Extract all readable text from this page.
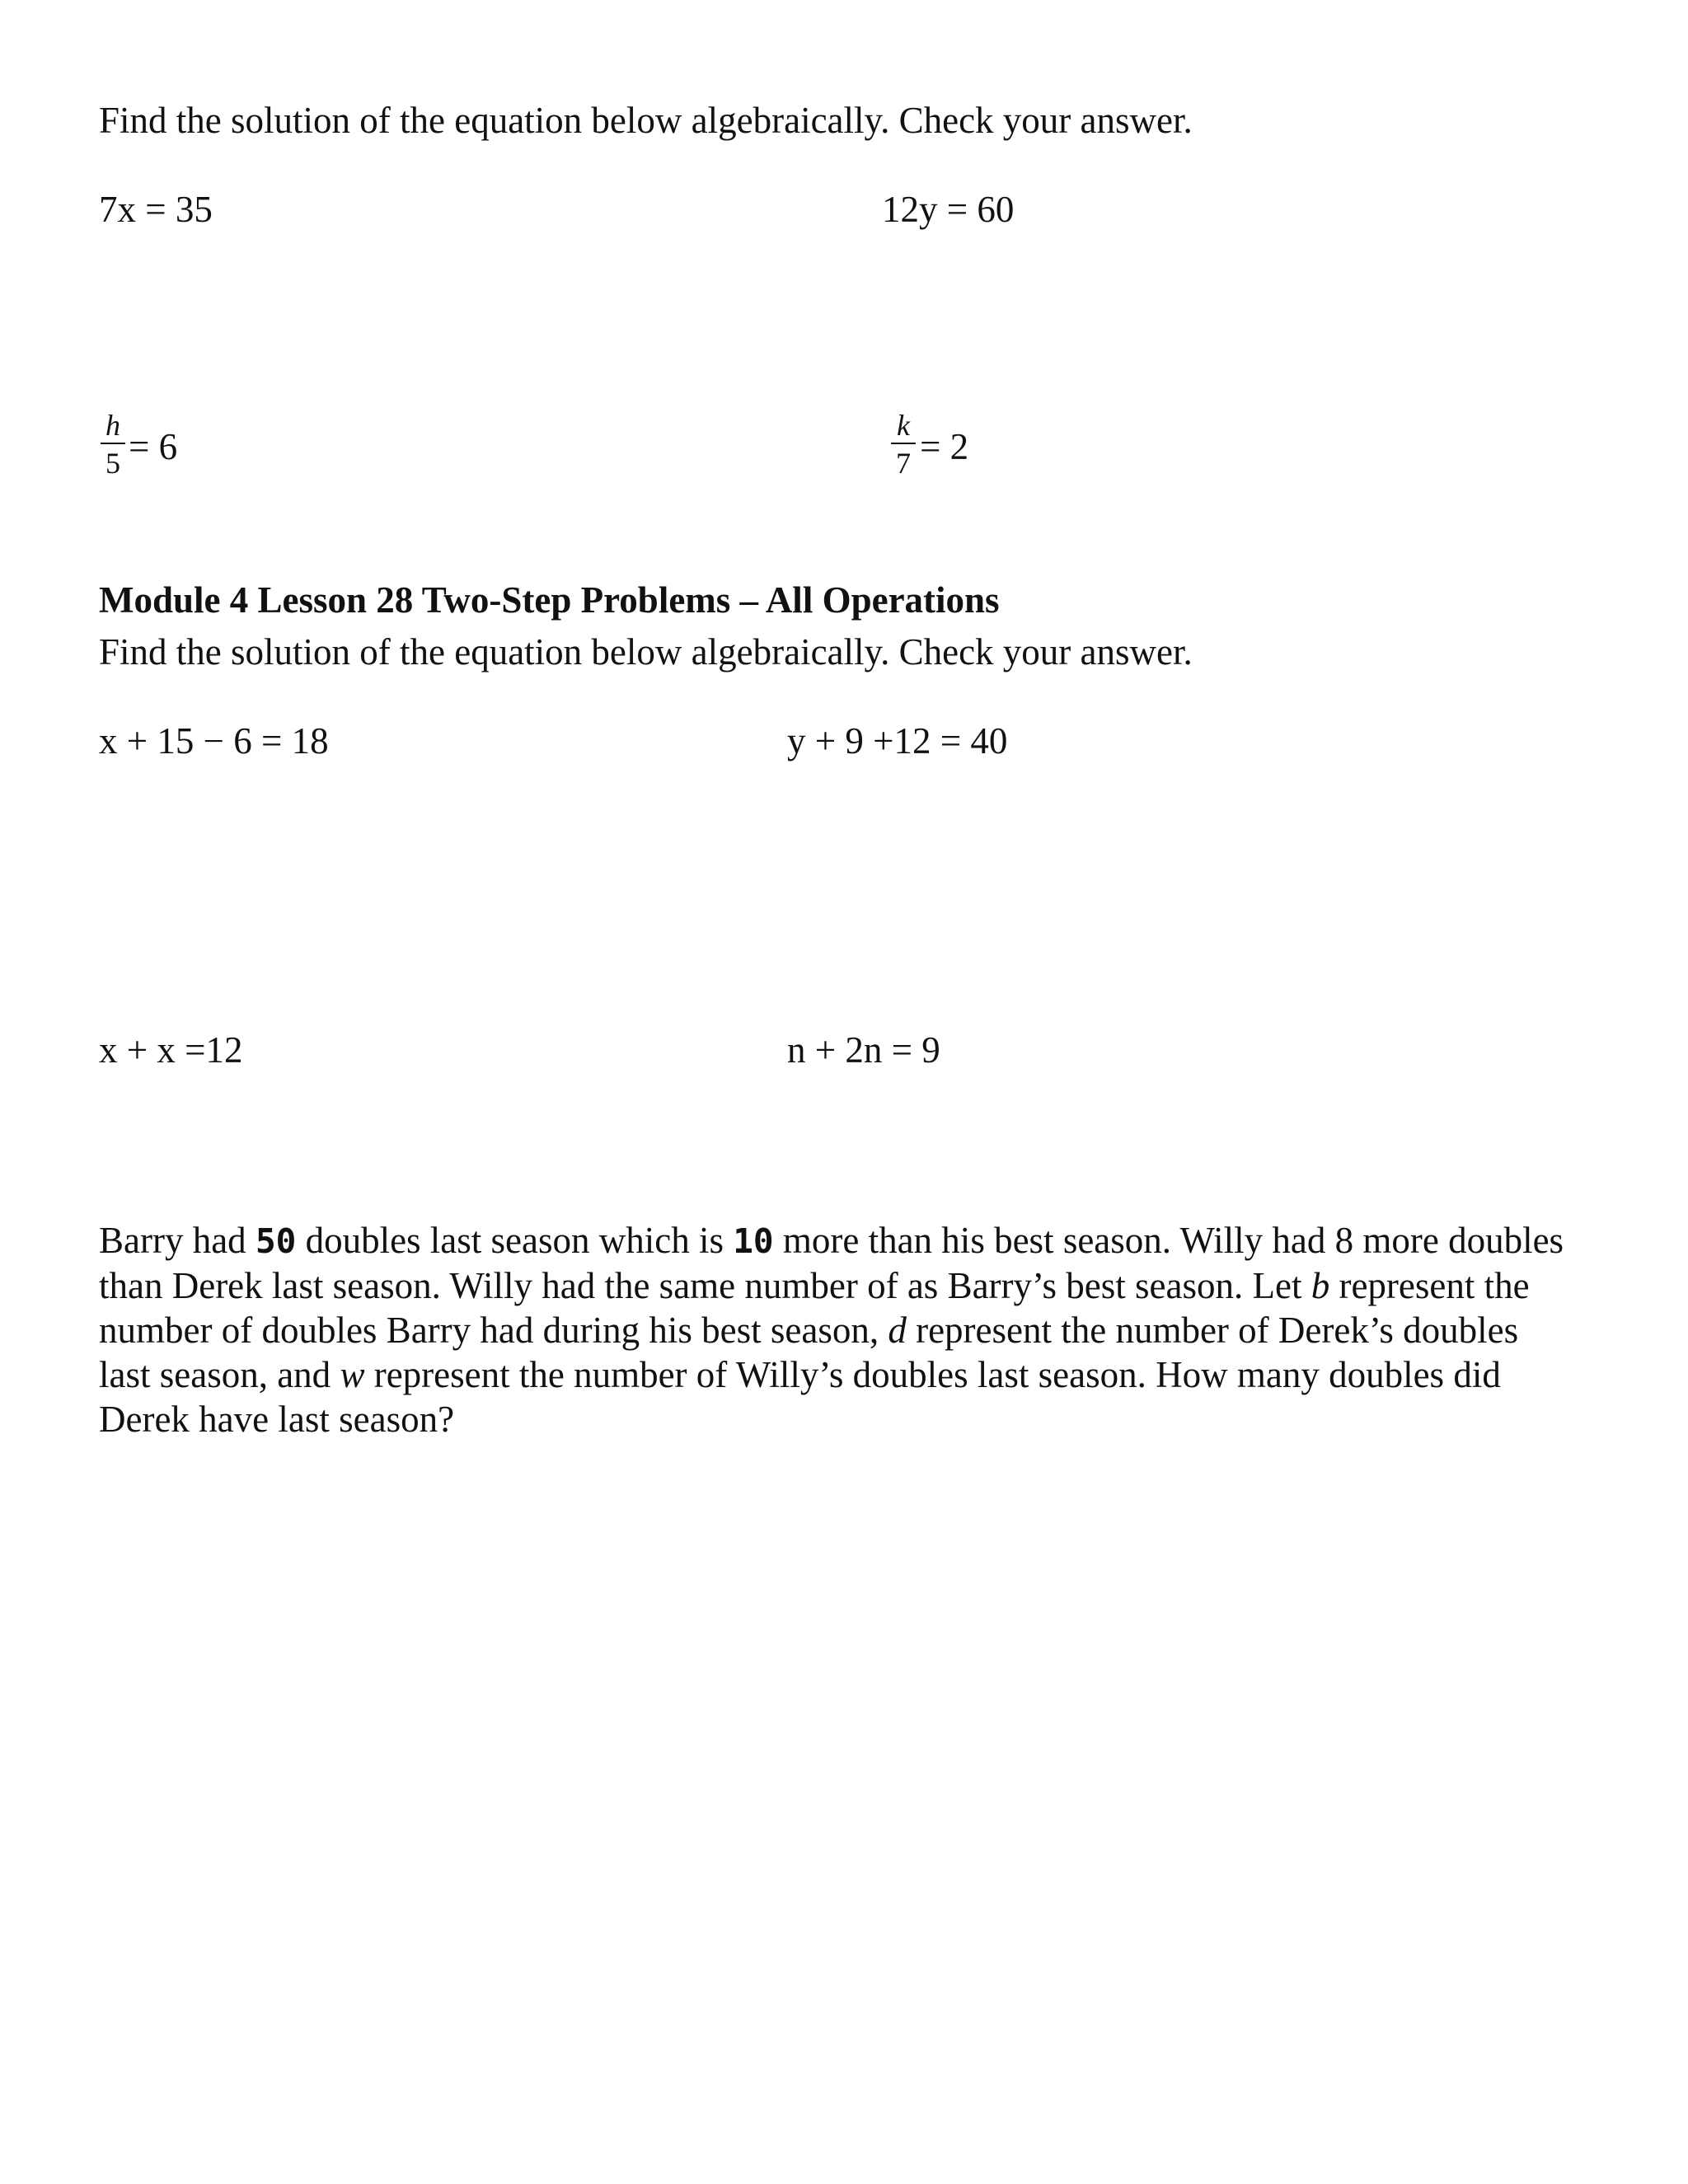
Find the solution of the equation below algebraically. Check your answer.
7x = 35	12y = 60
h
5 = 6
k
7 = 2
Module 4 Lesson 28 Two-Step Problems – All Operations
Find the solution of the equation below algebraically. Check your answer.
x + 15 − 6 = 18	y + 9 +12 = 40
x + x =12	n + 2n = 9
Barry had 50 doubles last season which is 10 more than his best season. Willy had 8 more doubles than Derek last season. Willy had the same number of as Barry’s best season. Let b represent the number of doubles Barry had during his best season, d represent the number of Derek’s doubles last season, and w represent the number of Willy’s doubles last season. How many doubles did Derek have last season?
